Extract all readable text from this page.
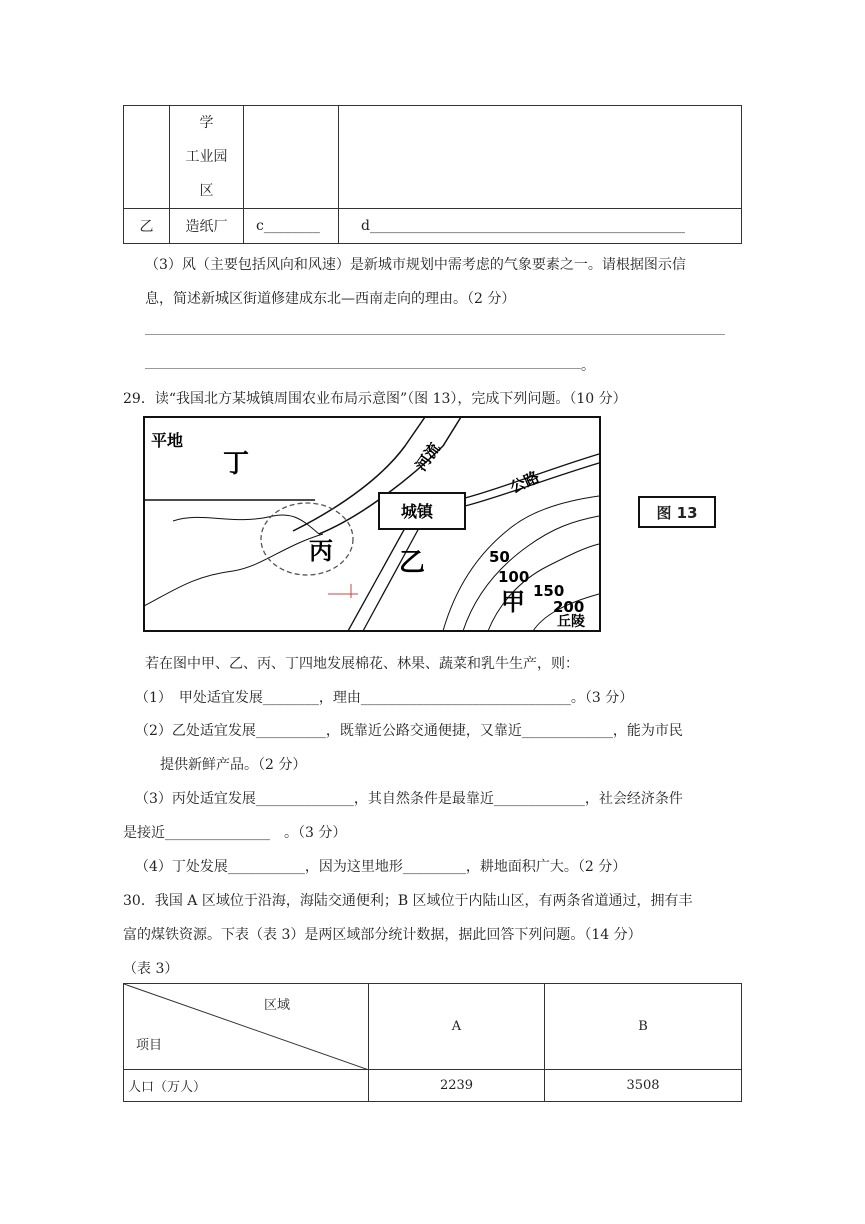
	学
工业园
区		

乙	造纸厂	c________	d_____________________________________________
（3）风（主要包括风向和风速）是新城市规划中需考虑的气象要素之一。请根据图示信
息，简述新城区街道修建成东北—西南走向的理由。（2 分）
。
29．读“我国北方某城镇周围农业布局示意图”（图 13），完成下列问题。（10 分）
平地
丁	河流
公路
城镇
丙	乙
甲
50
100
150
200
丘陵
图 13
若在图中甲、乙、丙、丁四地发展棉花、林果、蔬菜和乳牛生产，则：
（1）　甲处适宜发展________，理由______________________________。（3 分）
（2）乙处适宜发展__________，既靠近公路交通便捷，又靠近_____________，能为市民
提供新鲜产品。（2 分）
（3）丙处适宜发展______________，其自然条件是最靠近_____________，社会经济条件
是接近_______________　。（3 分）
（4）丁处发展___________，因为这里地形_________，耕地面积广大。（2 分）
30．我国 A 区域位于沿海，海陆交通便利；B 区域位于内陆山区，有两条省道通过，拥有丰
富的煤铁资源。下表（表 3）是两区域部分统计数据，据此回答下列问题。（14 分）
（表 3）
区域
项目	A	B
人口（万人）	2239	3508
